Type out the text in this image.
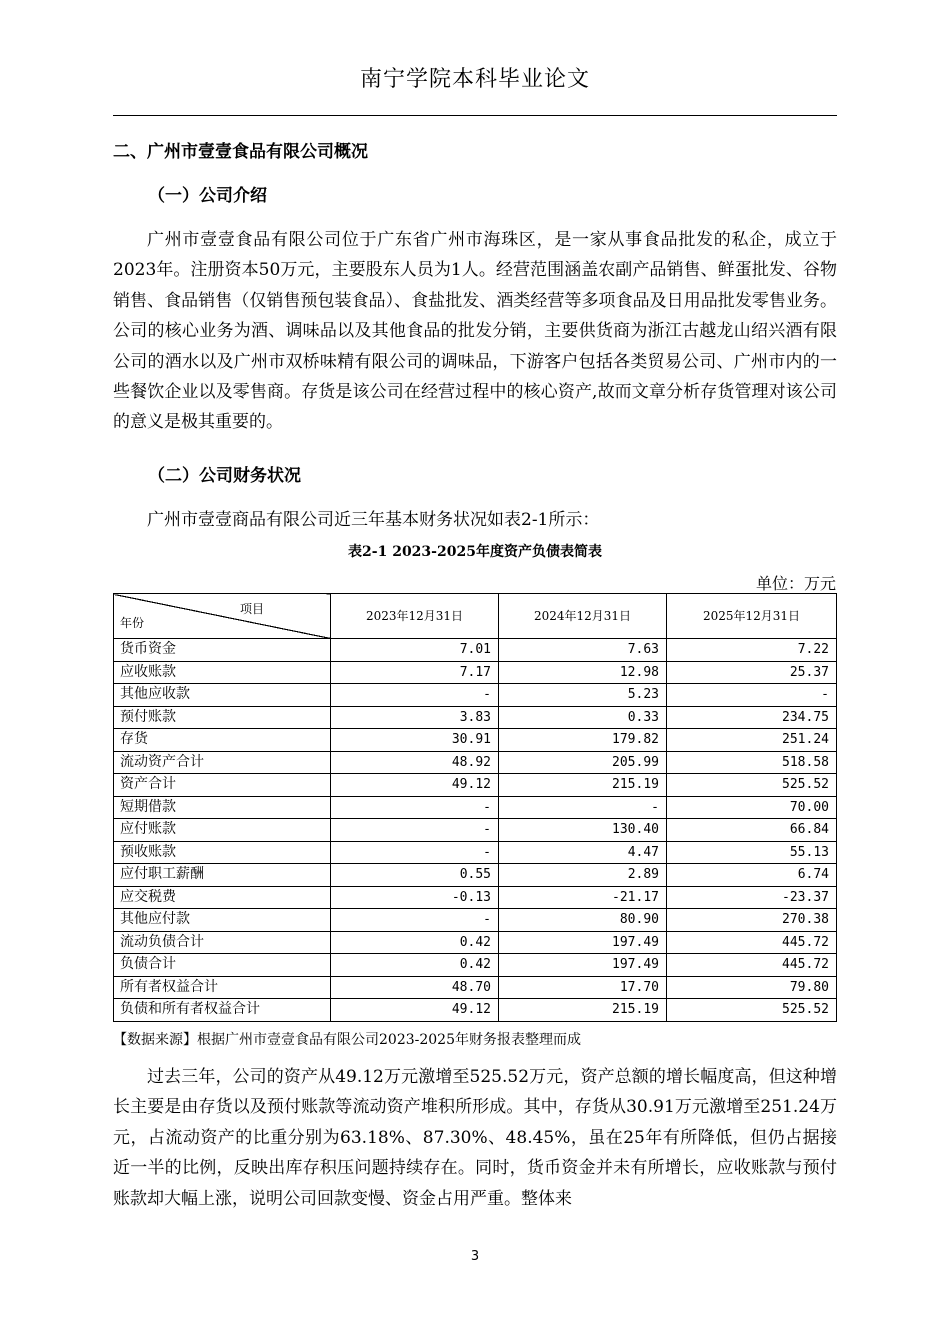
南宁学院本科毕业论文
二、广州市壹壹食品有限公司概况
（一）公司介绍
广州市壹壹食品有限公司位于广东省广州市海珠区，是一家从事食品批发的私企，成立于2023年。注册资本50万元，主要股东人员为1人。经营范围涵盖农副产品销售、鲜蛋批发、谷物销售、食品销售（仅销售预包装食品）、食盐批发、酒类经营等多项食品及日用品批发零售业务。公司的核心业务为酒、调味品以及其他食品的批发分销，主要供货商为浙江古越龙山绍兴酒有限公司的酒水以及广州市双桥味精有限公司的调味品，下游客户包括各类贸易公司、广州市内的一些餐饮企业以及零售商。存货是该公司在经营过程中的核心资产,故而文章分析存货管理对该公司的意义是极其重要的。
（二）公司财务状况
广州市壹壹商品有限公司近三年基本财务状况如表2-1所示：
表2-1 2023-2025年度资产负债表简表
单位：万元
项目
年份	2023年12月31日	2024年12月31日	2025年12月31日
货币资金	7.01	7.63	7.22
应收账款	7.17	12.98	25.37
其他应收款	-	5.23	-
预付账款	3.83	0.33	234.75
存货	30.91	179.82	251.24
流动资产合计	48.92	205.99	518.58
资产合计	49.12	215.19	525.52
短期借款	-	-	70.00
应付账款	-	130.40	66.84
预收账款	-	4.47	55.13
应付职工薪酬	0.55	2.89	6.74
应交税费	-0.13	-21.17	-23.37
其他应付款	-	80.90	270.38
流动负债合计	0.42	197.49	445.72
负债合计	0.42	197.49	445.72
所有者权益合计	48.70	17.70	79.80
负债和所有者权益合计	49.12	215.19	525.52
【数据来源】根据广州市壹壹食品有限公司2023-2025年财务报表整理而成
过去三年，公司的资产从49.12万元激增至525.52万元，资产总额的增长幅度高，但这种增长主要是由存货以及预付账款等流动资产堆积所形成。其中，存货从30.91万元激增至251.24万元，占流动资产的比重分别为63.18%、87.30%、48.45%，虽在25年有所降低，但仍占据接近一半的比例，反映出库存积压问题持续存在。同时，货币资金并未有所增长，应收账款与预付账款却大幅上涨，说明公司回款变慢、资金占用严重。整体来
3
